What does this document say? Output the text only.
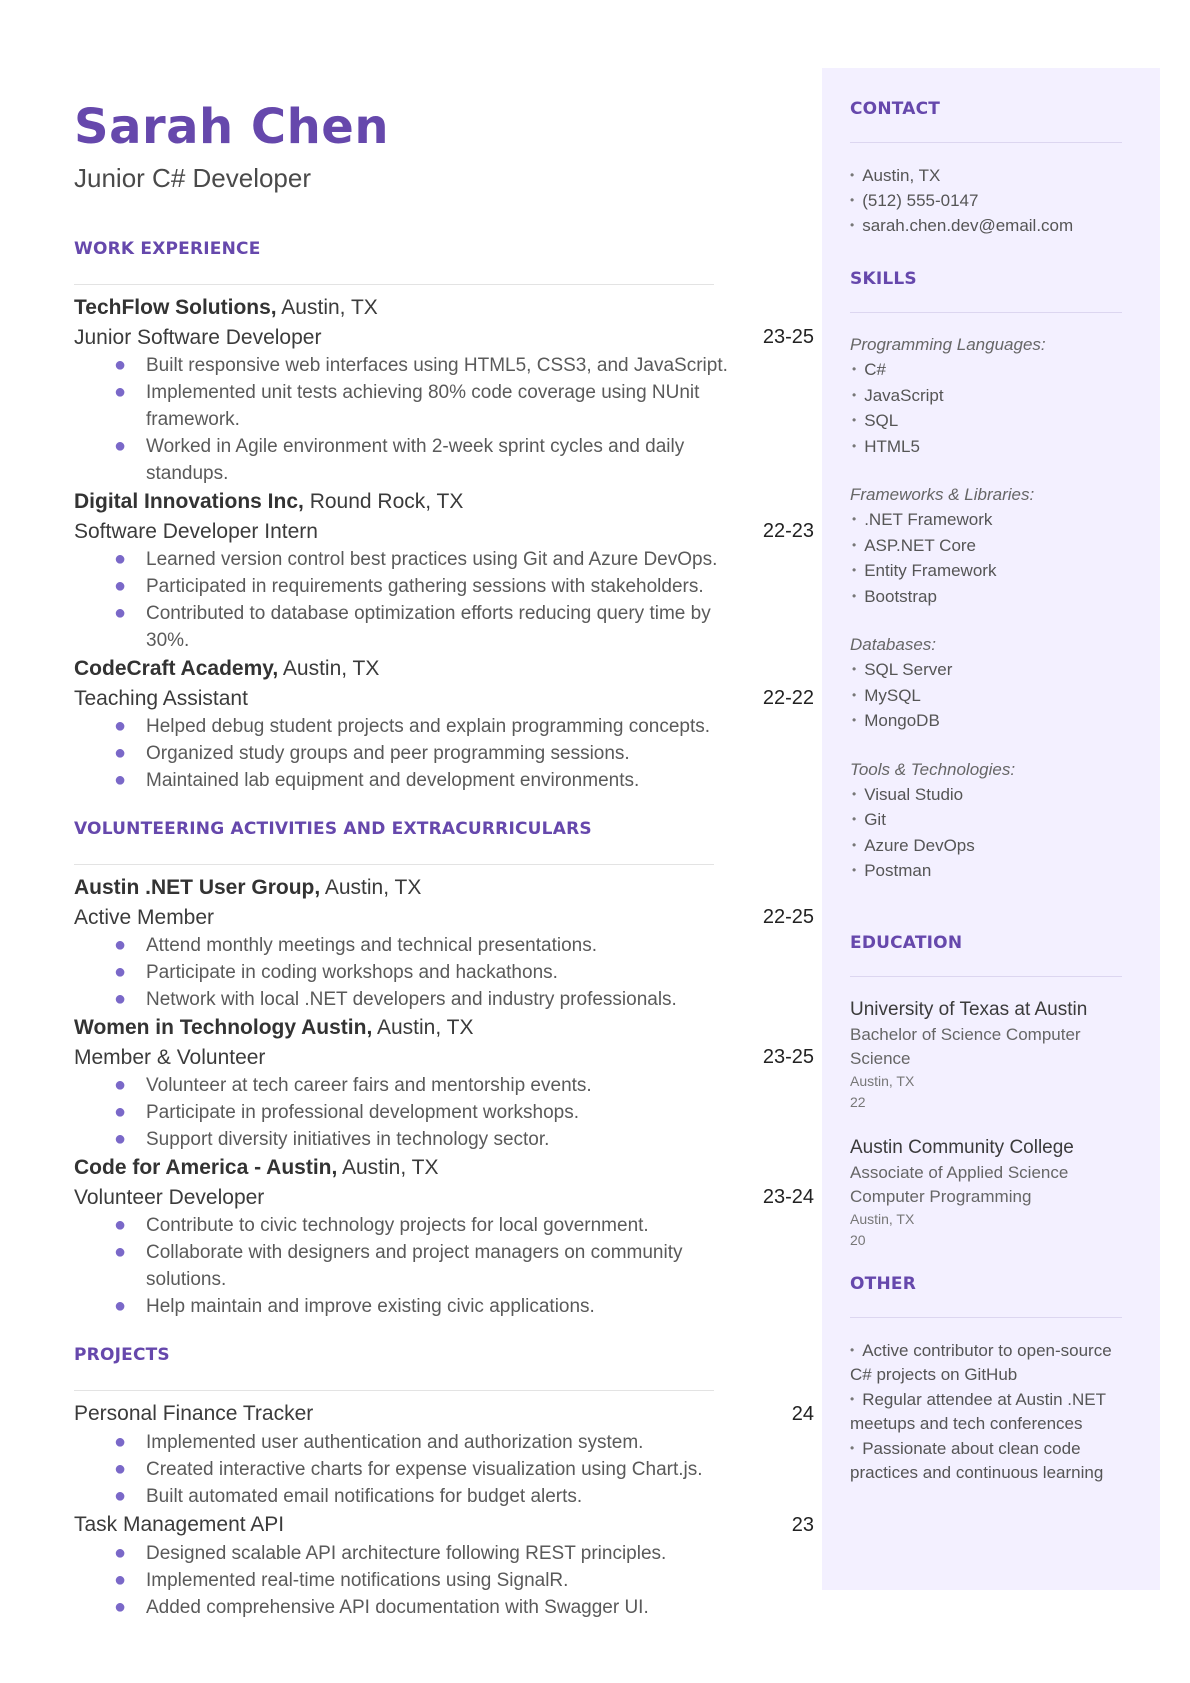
Sarah Chen
Junior C# Developer
WORK EXPERIENCE
TechFlow Solutions, Austin, TX
Junior Software Developer	23-25
● Built responsive web interfaces using HTML5, CSS3, and JavaScript.
● Implemented unit tests achieving 80% code coverage using NUnit framework.
● Worked in Agile environment with 2-week sprint cycles and daily standups.
Digital Innovations Inc, Round Rock, TX
Software Developer Intern	22-23
● Learned version control best practices using Git and Azure DevOps.
● Participated in requirements gathering sessions with stakeholders.
● Contributed to database optimization efforts reducing query time by 30%.
CodeCraft Academy, Austin, TX
Teaching Assistant	22-22
● Helped debug student projects and explain programming concepts.
● Organized study groups and peer programming sessions.
● Maintained lab equipment and development environments.
VOLUNTEERING ACTIVITIES AND EXTRACURRICULARS
Austin .NET User Group, Austin, TX
Active Member	22-25
● Attend monthly meetings and technical presentations.
● Participate in coding workshops and hackathons.
● Network with local .NET developers and industry professionals.
Women in Technology Austin, Austin, TX
Member & Volunteer	23-25
● Volunteer at tech career fairs and mentorship events.
● Participate in professional development workshops.
● Support diversity initiatives in technology sector.
Code for America - Austin, Austin, TX
Volunteer Developer	23-24
● Contribute to civic technology projects for local government.
● Collaborate with designers and project managers on community solutions.
● Help maintain and improve existing civic applications.
PROJECTS
Personal Finance Tracker	24
● Implemented user authentication and authorization system.
● Created interactive charts for expense visualization using Chart.js.
● Built automated email notifications for budget alerts.
Task Management API	23
● Designed scalable API architecture following REST principles.
● Implemented real-time notifications using SignalR.
● Added comprehensive API documentation with Swagger UI.
CONTACT
• Austin, TX
• (512) 555-0147
• sarah.chen.dev@email.com
SKILLS
Programming Languages:
• C#
• JavaScript
• SQL
• HTML5
Frameworks & Libraries:
• .NET Framework
• ASP.NET Core
• Entity Framework
• Bootstrap
Databases:
• SQL Server
• MySQL
• MongoDB
Tools & Technologies:
• Visual Studio
• Git
• Azure DevOps
• Postman
EDUCATION
University of Texas at Austin
Bachelor of Science Computer Science
Austin, TX
22
Austin Community College
Associate of Applied Science Computer Programming
Austin, TX
20
OTHER
• Active contributor to open-source C# projects on GitHub
• Regular attendee at Austin .NET meetups and tech conferences
• Passionate about clean code practices and continuous learning
